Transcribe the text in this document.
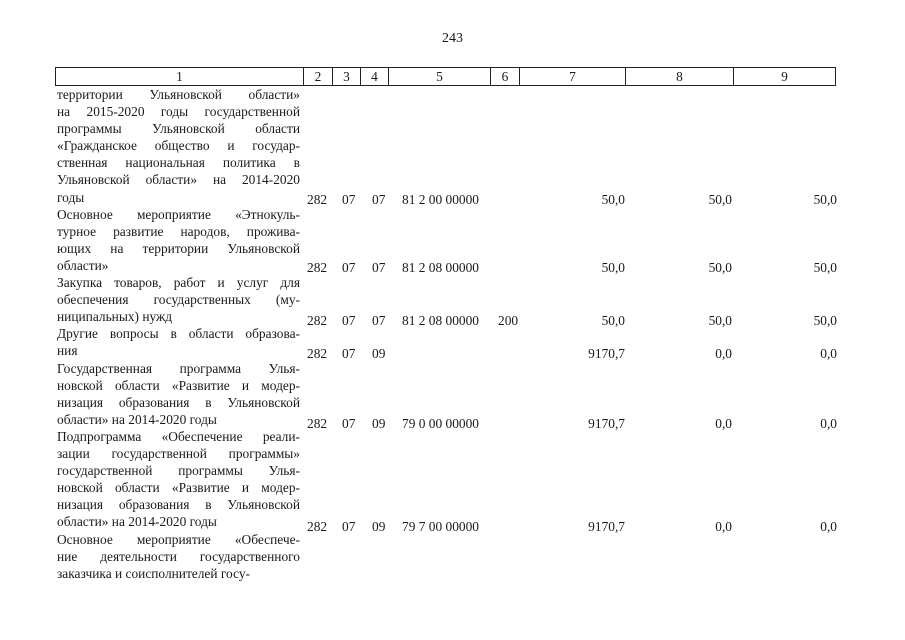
243
1	2	3	4	5	6	7	8	9
территории Ульяновской области»
на 2015-2020 годы государственной
программы Ульяновской области
«Гражданское общество и государ-
ственная национальная политика в
Ульяновской области» на 2014-2020
годы	282 07 07 81 2 00 00000	50,0	50,0	50,0
Основное мероприятие «Этнокуль-
турное развитие народов, прожива-
ющих на территории Ульяновской
области»	282 07 07 81 2 08 00000	50,0	50,0	50,0
Закупка товаров, работ и услуг для
обеспечения государственных (му-
ниципальных) нужд	282 07 07 81 2 08 00000 200	50,0	50,0	50,0
Другие вопросы в области образова-
ния	282 07 09	9170,7	0,0	0,0
Государственная программа Улья-
новской области «Развитие и модер-
низация образования в Ульяновской
области» на 2014-2020 годы	282 07 09 79 0 00 00000	9170,7	0,0	0,0
Подпрограмма «Обеспечение реали-
зации государственной программы»
государственной программы Улья-
новской области «Развитие и модер-
низация образования в Ульяновской
области» на 2014-2020 годы	282 07 09 79 7 00 00000	9170,7	0,0	0,0
Основное мероприятие «Обеспече-
ние деятельности государственного
заказчика и соисполнителей госу-
